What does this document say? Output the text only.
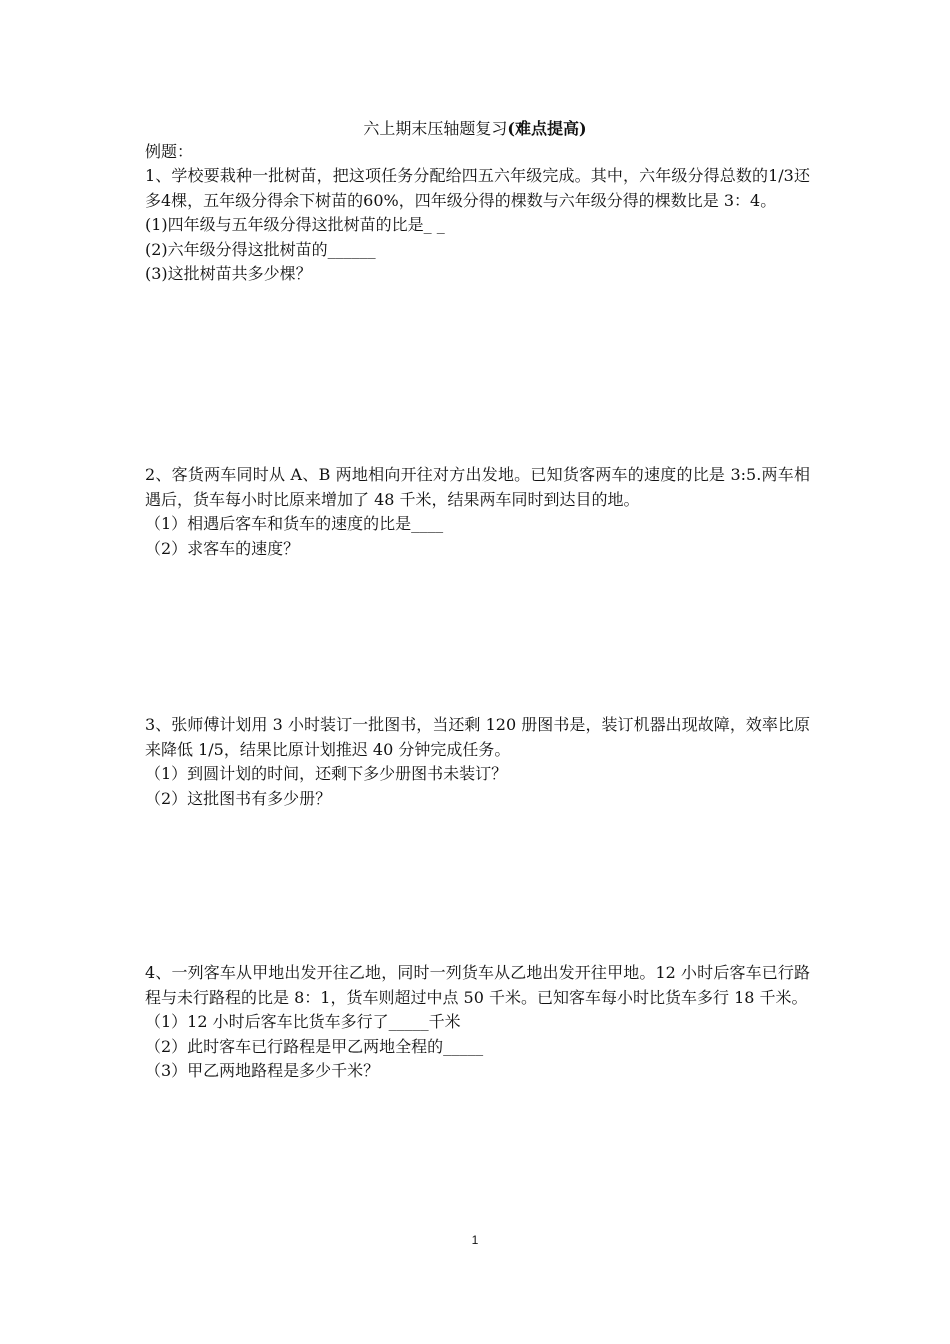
六上期末压轴题复习(难点提高)
例题：
1、学校要栽种一批树苗，把这项任务分配给四五六年级完成。其中，六年级分得总数的1/3还多4棵，五年级分得余下树苗的60%，四年级分得的棵数与六年级分得的棵数比是 3：4。
(1)四年级与五年级分得这批树苗的比是_ _
(2)六年级分得这批树苗的______
(3)这批树苗共多少棵？
2、客货两车同时从 A、B 两地相向开往对方出发地。已知货客两车的速度的比是 3:5.两车相遇后，货车每小时比原来增加了 48 千米，结果两车同时到达目的地。
（1）相遇后客车和货车的速度的比是____
（2）求客车的速度？
3、张师傅计划用 3 小时装订一批图书，当还剩 120 册图书是，装订机器出现故障，效率比原来降低 1/5，结果比原计划推迟 40 分钟完成任务。
（1）到圆计划的时间，还剩下多少册图书未装订？
（2）这批图书有多少册？
4、一列客车从甲地出发开往乙地，同时一列货车从乙地出发开往甲地。12 小时后客车已行路程与未行路程的比是 8：1，货车则超过中点 50 千米。已知客车每小时比货车多行 18 千米。
（1）12 小时后客车比货车多行了_____千米
（2）此时客车已行路程是甲乙两地全程的_____
（3）甲乙两地路程是多少千米？
1
